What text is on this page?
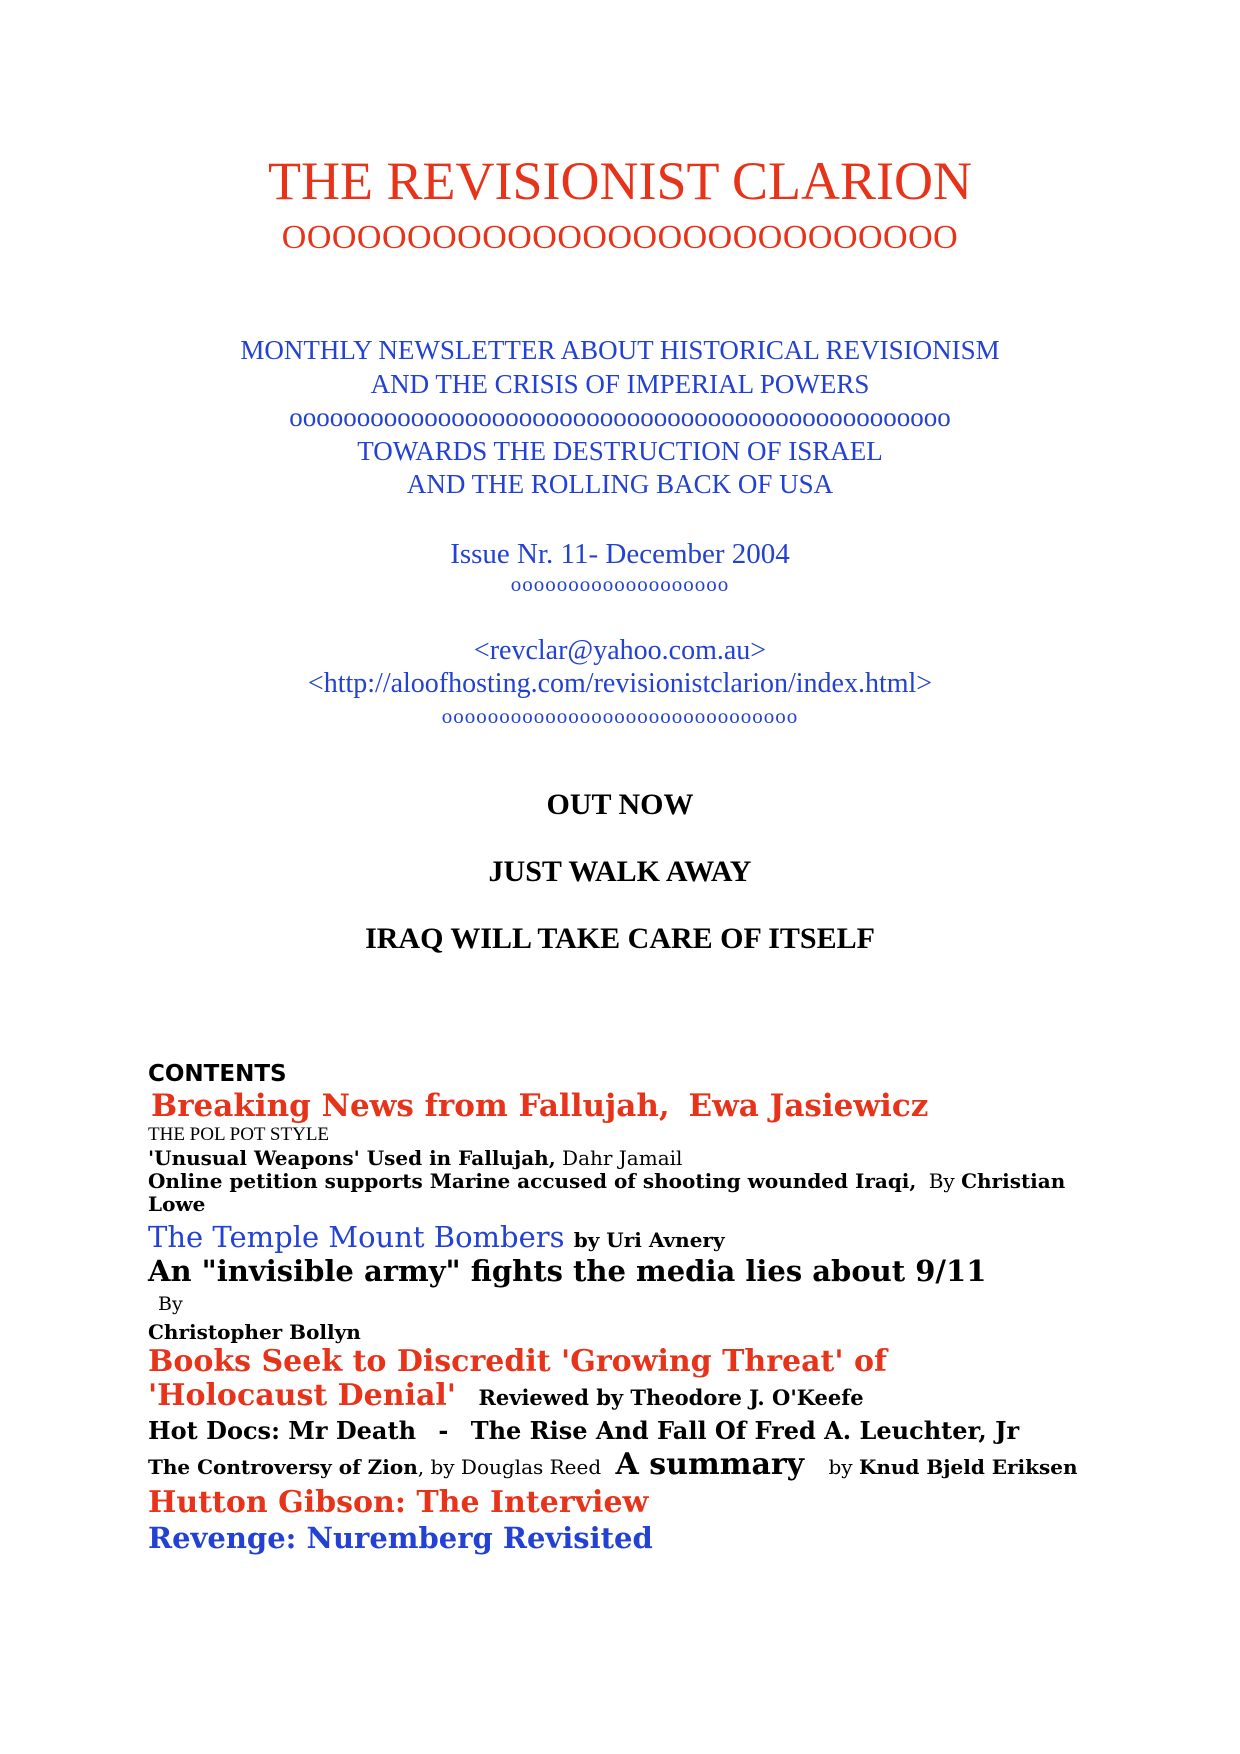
THE REVISIONIST CLARION
OOOOOOOOOOOOOOOOOOOOOOOOOOO
MONTHLY NEWSLETTER ABOUT HISTORICAL REVISIONISM
AND THE CRISIS OF IMPERIAL POWERS
ooooooooooooooooooooooooooooooooooooooooooooooooo
TOWARDS THE DESTRUCTION OF ISRAEL
AND THE ROLLING BACK OF USA
Issue Nr. 11- December 2004
ooooooooooooooooooo
<revclar@yahoo.com.au>
<http://aloofhosting.com/revisionistclarion/index.html>
ooooooooooooooooooooooooooooooo
OUT NOW
JUST WALK AWAY
IRAQ WILL TAKE CARE OF ITSELF
CONTENTS
Breaking News from Fallujah, Ewa Jasiewicz
THE POL POT STYLE
'Unusual Weapons' Used in Fallujah, Dahr Jamail
Online petition supports Marine accused of shooting wounded Iraqi, By Christian Lowe
The Temple Mount Bombers by Uri Avnery
An "invisible army" fights the media lies about 9/11 By
Christopher Bollyn
Books Seek to Discredit 'Growing Threat' of 'Holocaust Denial' Reviewed by Theodore J. O'Keefe
Hot Docs: Mr Death - The Rise And Fall Of Fred A. Leuchter, Jr
The Controversy of Zion, by Douglas Reed A summary by Knud Bjeld Eriksen
Hutton Gibson: The Interview
Revenge: Nuremberg Revisited
